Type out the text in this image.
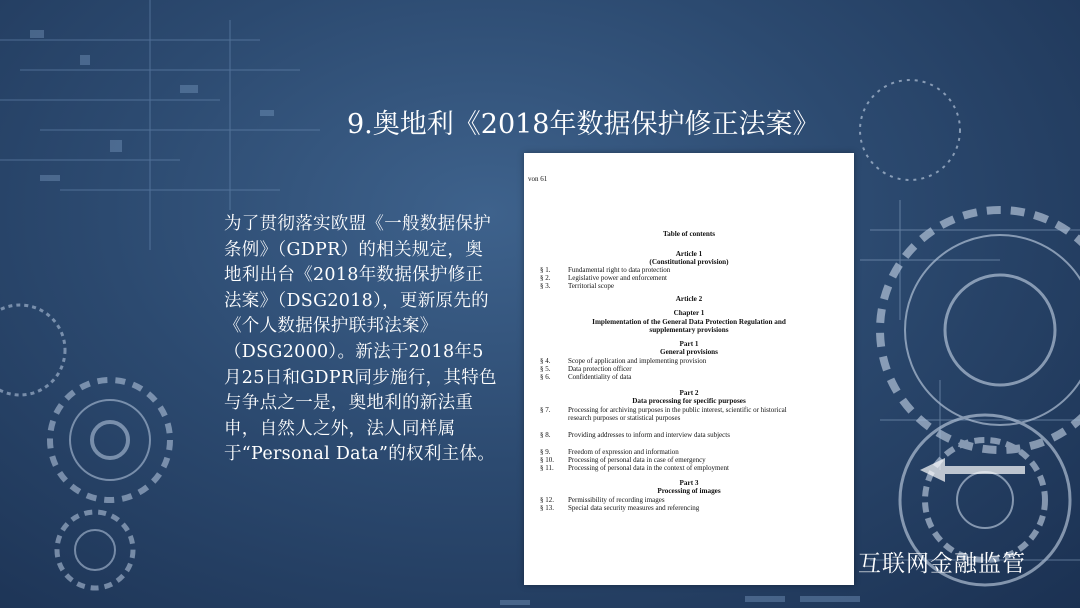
9.奥地利《2018年数据保护修正法案》
为了贯彻落实欧盟《一般数据保护条例》（GDPR）的相关规定，奥地利出台《2018年数据保护修正法案》（DSG2018），更新原先的《个人数据保护联邦法案》（DSG2000）。新法于2018年5月25日和GDPR同步施行，其特色与争点之一是，奥地利的新法重申，自然人之外，法人同样属于“Personal Data”的权利主体。
von 61
Table of contents
Article 1
(Constitutional provision)
§ 1.	Fundamental right to data protection
§ 2.	Legislative power and enforcement
§ 3.	Territorial scope
Article 2
Chapter 1
Implementation of the General Data Protection Regulation and
supplementary provisions
Part 1
General provisions
§ 4.	Scope of application and implementing provision
§ 5.	Data protection officer
§ 6.	Confidentiality of data
Part 2
Data processing for specific purposes
§ 7.	Processing for archiving purposes in the public interest, scientific or historical research purposes or statistical purposes
§ 8.	Providing addresses to inform and interview data subjects
§ 9.	Freedom of expression and information
§ 10. Processing of personal data in case of emergency
§ 11. Processing of personal data in the context of employment
Part 3
Processing of images
§ 12. Permissibility of recording images
§ 13. Special data security measures and referencing
互联网金融监管
